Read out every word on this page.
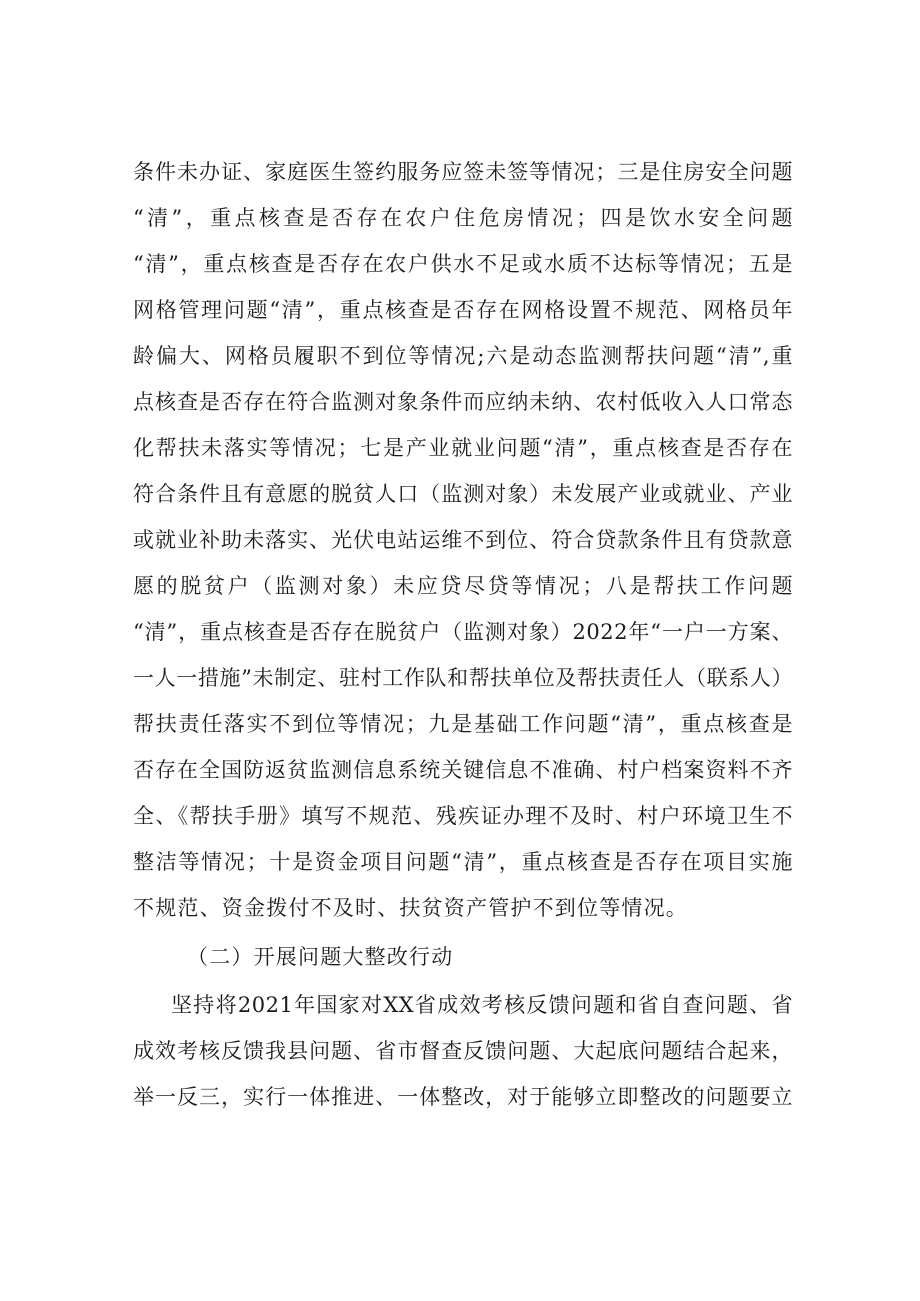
条件未办证、家庭医生签约服务应签未签等情况；三是住房安全问题
“清”，重点核查是否存在农户住危房情况；四是饮水安全问题
“清”，重点核查是否存在农户供水不足或水质不达标等情况；五是
网格管理问题“清”，重点核查是否存在网格设置不规范、网格员年
龄偏大、网格员履职不到位等情况;六是动态监测帮扶问题“清”,重
点核查是否存在符合监测对象条件而应纳未纳、农村低收入人口常态
化帮扶未落实等情况；七是产业就业问题“清”，重点核查是否存在
符合条件且有意愿的脱贫人口（监测对象）未发展产业或就业、产业
或就业补助未落实、光伏电站运维不到位、符合贷款条件且有贷款意
愿的脱贫户（监测对象）未应贷尽贷等情况；八是帮扶工作问题
“清”，重点核查是否存在脱贫户（监测对象）2022年“一户一方案、
一人一措施”未制定、驻村工作队和帮扶单位及帮扶责任人（联系人）
帮扶责任落实不到位等情况；九是基础工作问题“清”，重点核查是
否存在全国防返贫监测信息系统关键信息不准确、村户档案资料不齐
全、《帮扶手册》填写不规范、残疾证办理不及时、村户环境卫生不
整洁等情况；十是资金项目问题“清”，重点核查是否存在项目实施
不规范、资金拨付不及时、扶贫资产管护不到位等情况。
（二）开展问题大整改行动
坚持将2021年国家对XX省成效考核反馈问题和省自查问题、省
成效考核反馈我县问题、省市督查反馈问题、大起底问题结合起来，
举一反三，实行一体推进、一体整改，对于能够立即整改的问题要立
